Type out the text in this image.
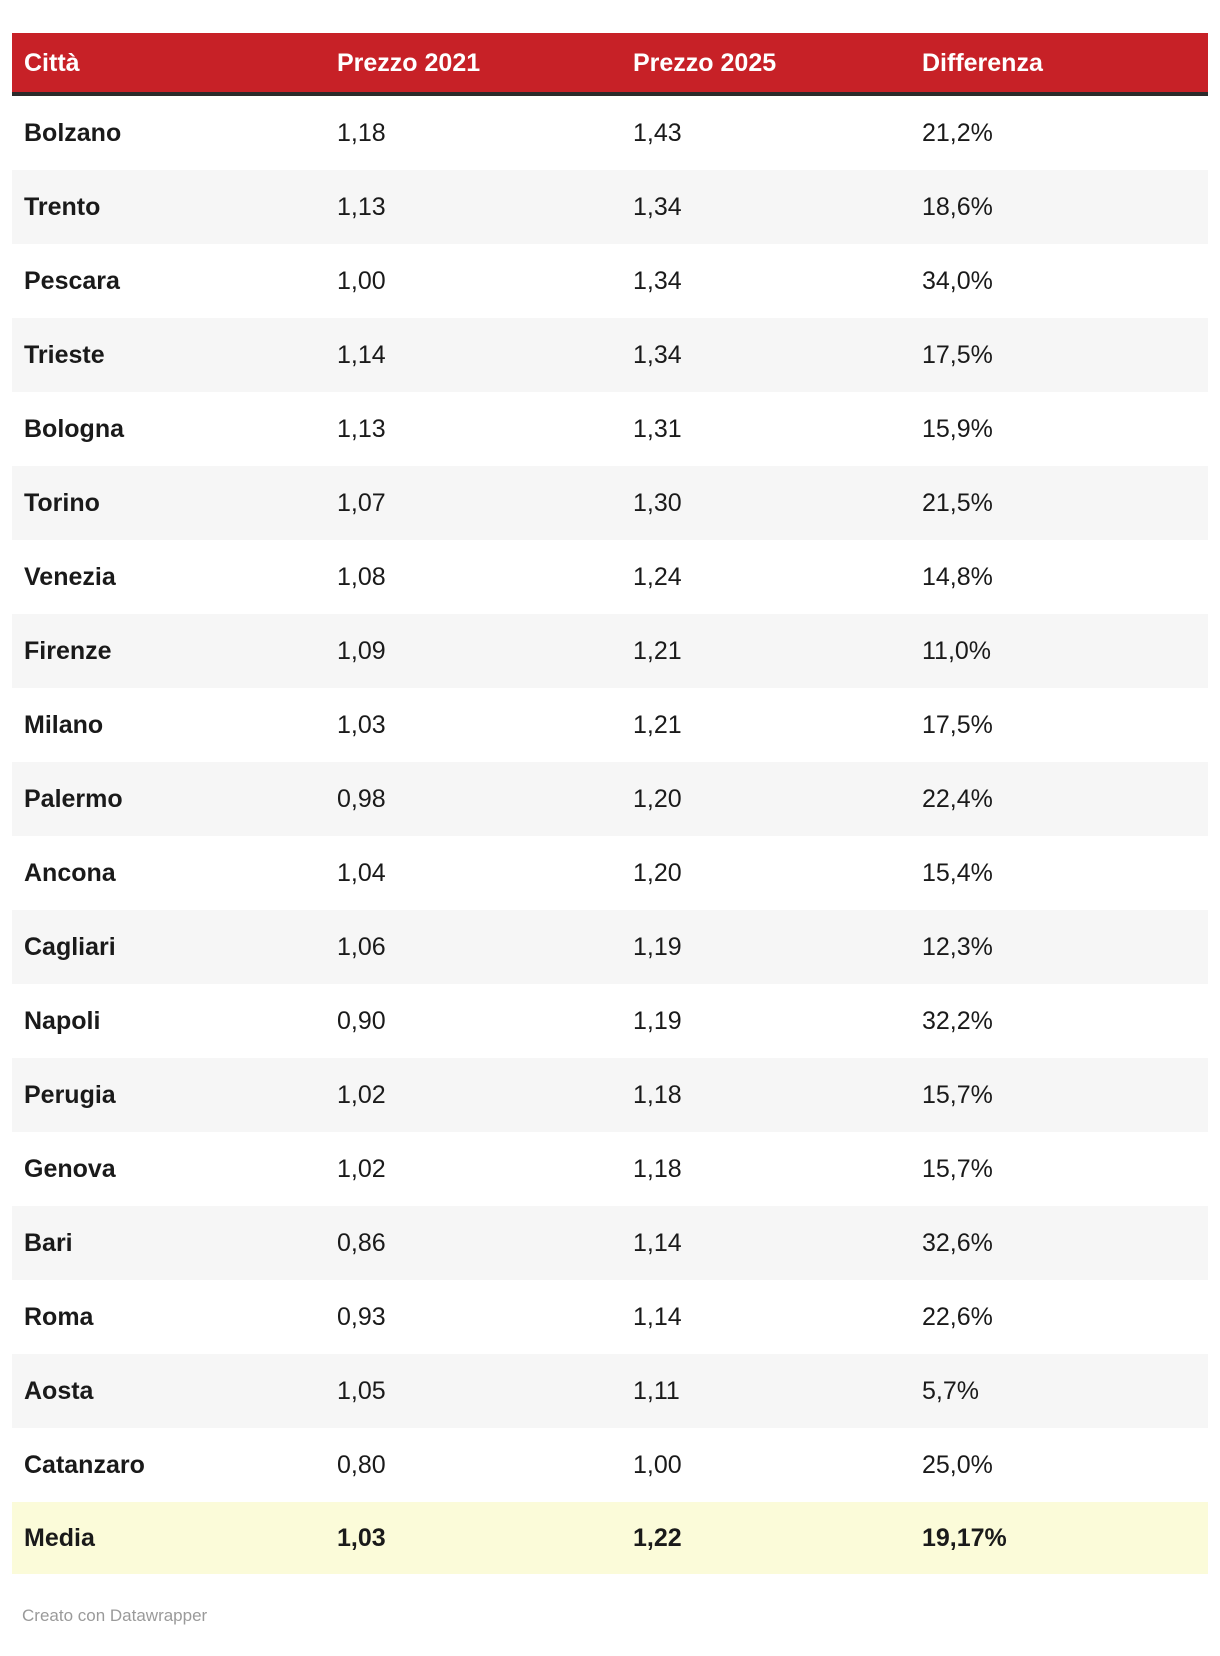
Città	Prezzo 2021	Prezzo 2025	Differenza
Bolzano	1,18	1,43	21,2%
Trento	1,13	1,34	18,6%
Pescara	1,00	1,34	34,0%
Trieste	1,14	1,34	17,5%
Bologna	1,13	1,31	15,9%
Torino	1,07	1,30	21,5%
Venezia	1,08	1,24	14,8%
Firenze	1,09	1,21	11,0%
Milano	1,03	1,21	17,5%
Palermo	0,98	1,20	22,4%
Ancona	1,04	1,20	15,4%
Cagliari	1,06	1,19	12,3%
Napoli	0,90	1,19	32,2%
Perugia	1,02	1,18	15,7%
Genova	1,02	1,18	15,7%
Bari	0,86	1,14	32,6%
Roma	0,93	1,14	22,6%
Aosta	1,05	1,11	5,7%
Catanzaro	0,80	1,00	25,0%
Media	1,03	1,22	19,17%
Creato con Datawrapper
